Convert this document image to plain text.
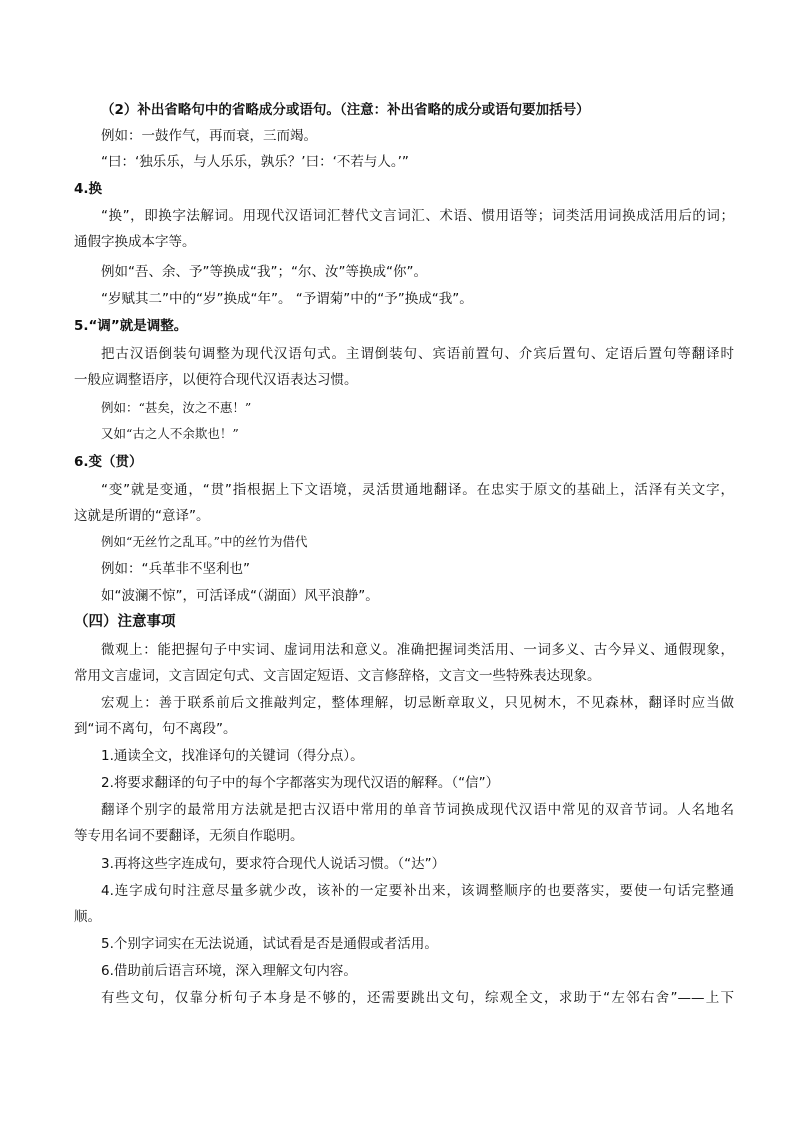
（2）补出省略句中的省略成分或语句。（注意：补出省略的成分或语句要加括号）
例如：一鼓作气，再而衰，三而竭。
“曰：‘独乐乐，与人乐乐，孰乐？’曰：‘不若与人。’”
4.换
“换”，即换字法解词。用现代汉语词汇替代文言词汇、术语、惯用语等；词类活用词换成活用后的词；
通假字换成本字等。
例如“吾、余、予”等换成“我”；“尔、汝”等换成“你”。
“岁赋其二”中的“岁”换成“年”。 “予谓菊”中的“予”换成“我”。
5.“调”就是调整。
把古汉语倒装句调整为现代汉语句式。主谓倒装句、宾语前置句、介宾后置句、定语后置句等翻译时
一般应调整语序，以便符合现代汉语表达习惯。
例如：“甚矣，汝之不惠！”
又如“古之人不余欺也！”
6.变（贯）
“变”就是变通，“贯”指根据上下文语境，灵活贯通地翻译。在忠实于原文的基础上，活泽有关文字，
这就是所谓的“意译”。
例如“无丝竹之乱耳。”中的丝竹为借代
例如：“兵革非不坚利也”
如“波澜不惊”，可活译成“（湖面）风平浪静”。
（四）注意事项
微观上：能把握句子中实词、虚词用法和意义。准确把握词类活用、一词多义、古今异义、通假现象，
常用文言虚词，文言固定句式、文言固定短语、文言修辞格，文言文一些特殊表达现象。
宏观上：善于联系前后文推敲判定，整体理解，切忌断章取义，只见树木，不见森林，翻译时应当做
到“词不离句，句不离段”。
1.通读全文，找准译句的关键词（得分点）。
2.将要求翻译的句子中的每个字都落实为现代汉语的解释。（“信”）
翻译个别字的最常用方法就是把古汉语中常用的单音节词换成现代汉语中常见的双音节词。人名地名
等专用名词不要翻译，无须自作聪明。
3.再将这些字连成句，要求符合现代人说话习惯。（“达”）
4.连字成句时注意尽量多就少改，该补的一定要补出来，该调整顺序的也要落实，要使一句话完整通
顺。
5.个别字词实在无法说通，试试看是否是通假或者活用。
6.借助前后语言环境，深入理解文句内容。
有些文句，仅靠分析句子本身是不够的，还需要跳出文句，综观全文，求助于“左邻右舍”——上下
